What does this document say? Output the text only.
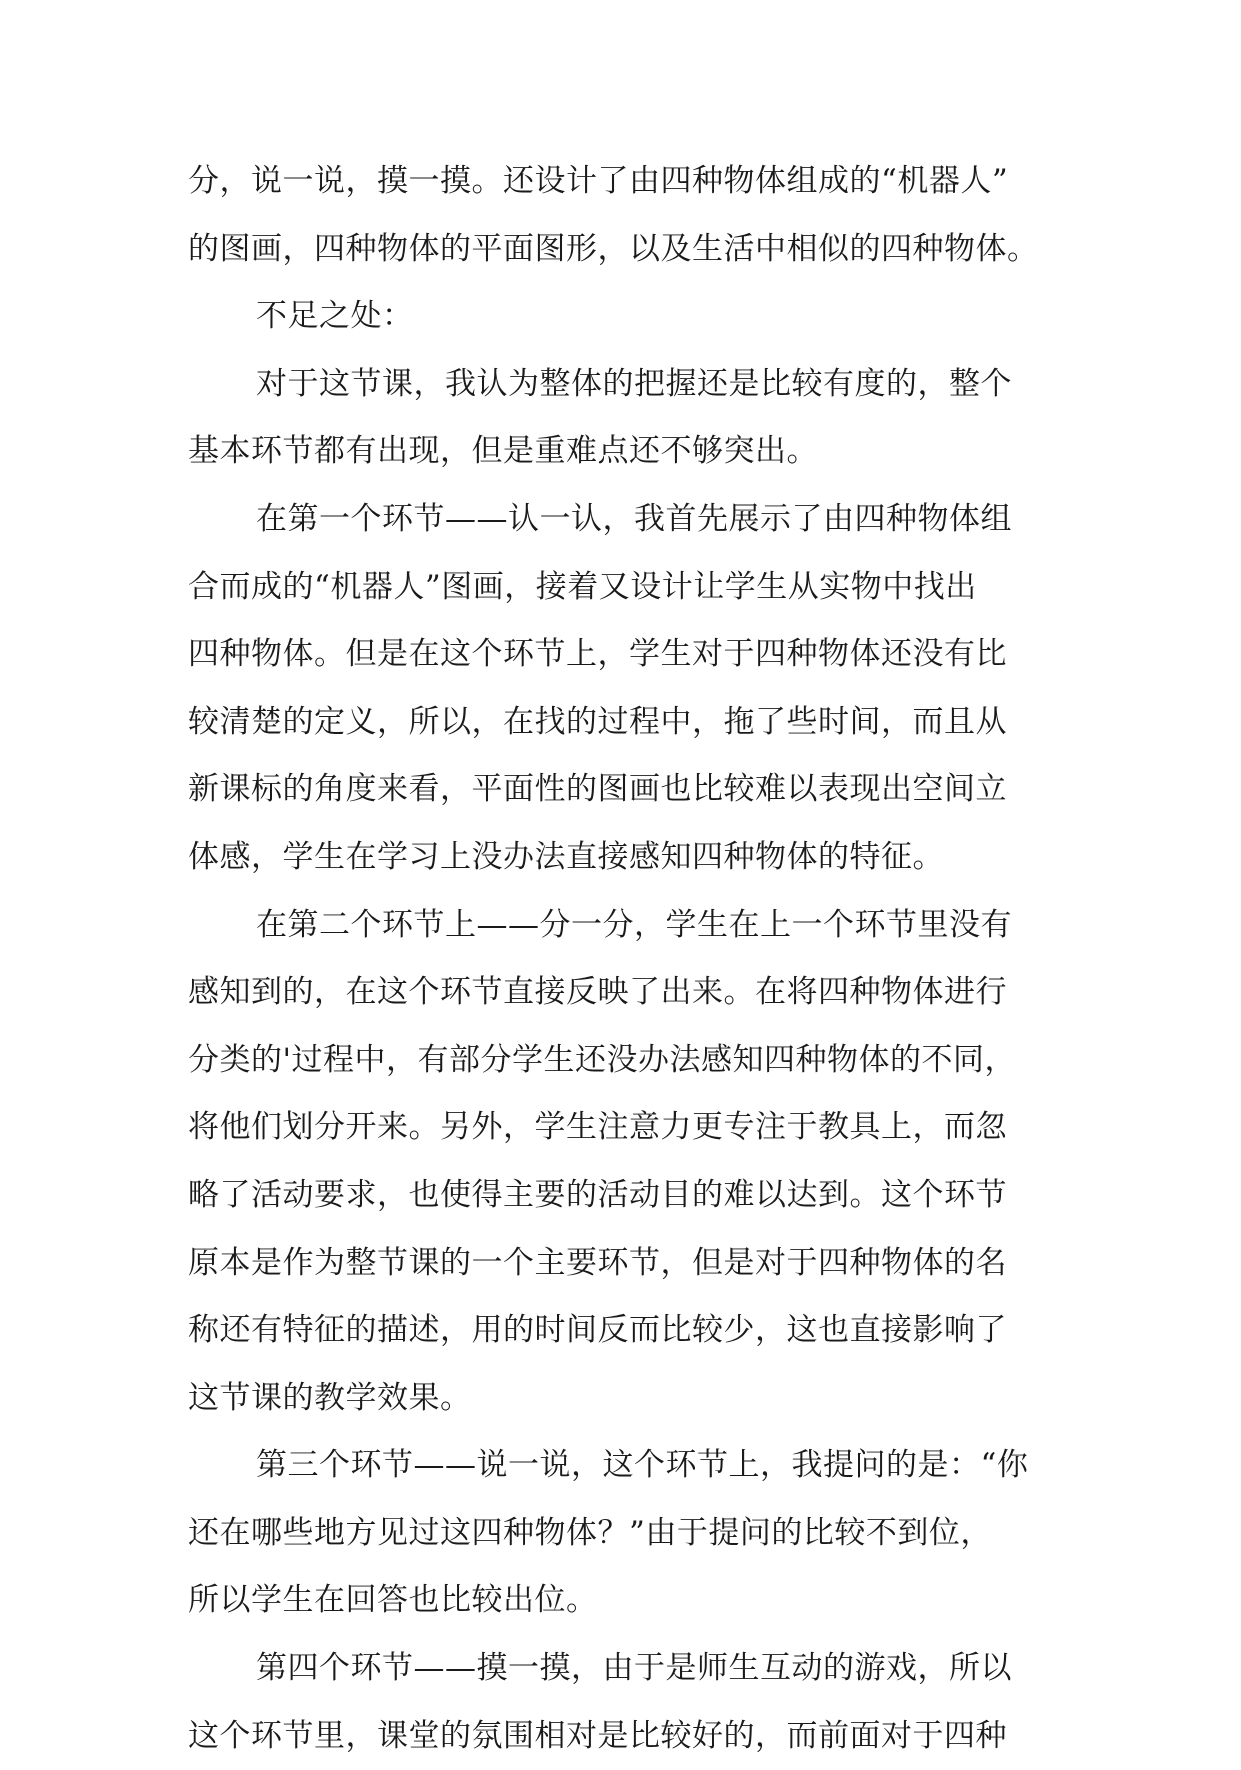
分，说一说，摸一摸。还设计了由四种物体组成的“机器人”
的图画，四种物体的平面图形，以及生活中相似的四种物体。
不足之处：
对于这节课，我认为整体的把握还是比较有度的，整个
基本环节都有出现，但是重难点还不够突出。
在第一个环节——认一认，我首先展示了由四种物体组
合而成的“机器人”图画，接着又设计让学生从实物中找出
四种物体。但是在这个环节上，学生对于四种物体还没有比
较清楚的定义，所以，在找的过程中，拖了些时间，而且从
新课标的角度来看，平面性的图画也比较难以表现出空间立
体感，学生在学习上没办法直接感知四种物体的特征。
在第二个环节上——分一分，学生在上一个环节里没有
感知到的，在这个环节直接反映了出来。在将四种物体进行
分类的'过程中，有部分学生还没办法感知四种物体的不同，
将他们划分开来。另外，学生注意力更专注于教具上，而忽
略了活动要求，也使得主要的活动目的难以达到。这个环节
原本是作为整节课的一个主要环节，但是对于四种物体的名
称还有特征的描述，用的时间反而比较少，这也直接影响了
这节课的教学效果。
第三个环节——说一说，这个环节上，我提问的是：“你
还在哪些地方见过这四种物体？”由于提问的比较不到位，
所以学生在回答也比较出位。
第四个环节——摸一摸，由于是师生互动的游戏，所以
这个环节里，课堂的氛围相对是比较好的，而前面对于四种
